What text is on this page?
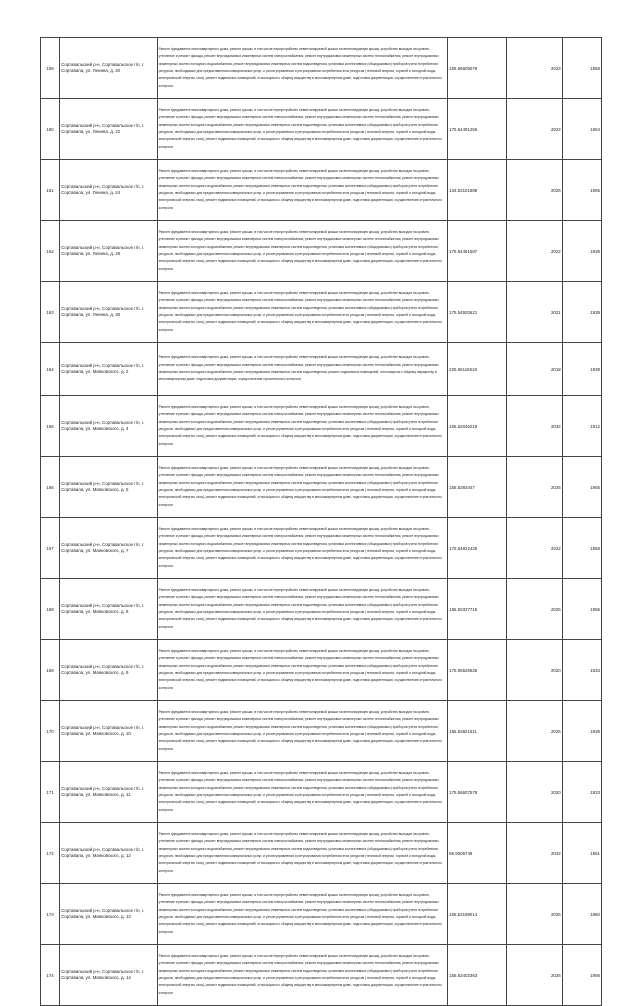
159	Сортавальский р-н, Сортавальское г/п, г. Сортавала, ул. Ленина, д. 20	Ремонт фундамента многоквартирного дома, ремонт крыши, в том числе переустройство невентилируемой крыши на вентилируемую крышу, устройство выходов на кровлю, утепление и ремонт фасада, ремонт внутридомовых инженерных систем электроснабжения, ремонт внутридомовых инженерных систем теплоснабжения, ремонт внутридомовых инженерных систем холодного водоснабжения, ремонт внутридомовых инженерных систем водоотведения, установка коллективных (общедомовых) приборов учета потребления ресурсов, необходимых для предоставления коммунальных услуг, и узлов управления и регулирования потребления этих ресурсов (тепловой энергии, горячей и холодной воды, электрической энергии, газа), ремонт подвальных помещений, относящихся к общему имуществу в многоквартирном доме, подготовка документации, осуществление строительного контроля	155.56609079	2023	1958
160	Сортавальский р-н, Сортавальское г/п, г. Сортавала, ул. Ленина, д. 22	Ремонт фундамента многоквартирного дома, ремонт крыши, в том числе переустройство невентилируемой крыши на вентилируемую крышу, устройство выходов на кровлю, утепление и ремонт фасада, ремонт внутридомовых инженерных систем электроснабжения, ремонт внутридомовых инженерных систем теплоснабжения, ремонт внутридомовых инженерных систем холодного водоснабжения, ремонт внутридомовых инженерных систем водоотведения, установка коллективных (общедомовых) приборов учета потребления ресурсов, необходимых для предоставления коммунальных услуг, и узлов управления и регулирования потребления этих ресурсов (тепловой энергии, горячей и холодной воды, электрической энергии, газа), ремонт подвальных помещений, относящихся к общему имуществу в многоквартирном доме, подготовка документации, осуществление строительного контроля	175.54491256	2022	1964
161	Сортавальский р-н, Сортавальское г/п, г. Сортавала, ул. Ленина, д. 24	Ремонт фундамента многоквартирного дома, ремонт крыши, в том числе переустройство невентилируемой крыши на вентилируемую крышу, устройство выходов на кровлю, утепление и ремонт фасада, ремонт внутридомовых инженерных систем электроснабжения, ремонт внутридомовых инженерных систем теплоснабжения, ремонт внутридомовых инженерных систем холодного водоснабжения, ремонт внутридомовых инженерных систем водоотведения, установка коллективных (общедомовых) приборов учета потребления ресурсов, необходимых для предоставления коммунальных услуг, и узлов управления и регулирования потребления этих ресурсов (тепловой энергии, горячей и холодной воды, электрической энергии, газа), ремонт подвальных помещений, относящихся к общему имуществу в многоквартирном доме, подготовка документации, осуществление строительного контроля	134.53101888	2026	1955
162	Сортавальский р-н, Сортавальское г/п, г. Сортавала, ул. Ленина, д. 28	Ремонт фундамента многоквартирного дома, ремонт крыши, в том числе переустройство невентилируемой крыши на вентилируемую крышу, устройство выходов на кровлю, утепление и ремонт фасада, ремонт внутридомовых инженерных систем электроснабжения, ремонт внутридомовых инженерных систем теплоснабжения, ремонт внутридомовых инженерных систем холодного водоснабжения, ремонт внутридомовых инженерных систем водоотведения, установка коллективных (общедомовых) приборов учета потребления ресурсов, необходимых для предоставления коммунальных услуг, и узлов управления и регулирования потребления этих ресурсов (тепловой энергии, горячей и холодной воды, электрической энергии, газа), ремонт подвальных помещений, относящихся к общему имуществу в многоквартирном доме, подготовка документации, осуществление строительного контроля	175.54451587	2022	1939
163	Сортавальский р-н, Сортавальское г/п, г. Сортавала, ул. Ленина, д. 30	Ремонт фундамента многоквартирного дома, ремонт крыши, в том числе переустройство невентилируемой крыши на вентилируемую крышу, устройство выходов на кровлю, утепление и ремонт фасада, ремонт внутридомовых инженерных систем электроснабжения, ремонт внутридомовых инженерных систем теплоснабжения, ремонт внутридомовых инженерных систем холодного водоснабжения, ремонт внутридомовых инженерных систем водоотведения, установка коллективных (общедомовых) приборов учета потребления ресурсов, необходимых для предоставления коммунальных услуг, и узлов управления и регулирования потребления этих ресурсов (тепловой энергии, горячей и холодной воды, электрической энергии, газа), ремонт подвальных помещений, относящихся к общему имуществу в многоквартирном доме, подготовка документации, осуществление строительного контроля	175.54920621	2021	1939
164	Сортавальский р-н, Сортавальское г/п, г. Сортавала, ул. Маяковского, д. 2	Ремонт фундамента многоквартирного дома, ремонт крыши, в том числе переустройство невентилируемой крыши на вентилируемую крышу, устройство выходов на кровлю, утепление и ремонт фасада, ремонт внутридомовых инженерных систем электроснабжения, ремонт внутридомовых инженерных систем теплоснабжения, ремонт внутридомовых инженерных систем холодного водоснабжения, ремонт внутридомовых инженерных систем водоотведения, ремонт подвальных помещений, относящихся к общему имуществу в многоквартирном доме, подготовка документации, осуществление строительного контроля	225.56116518	2018	1939
165	Сортавальский р-н, Сортавальское г/п, г. Сортавала, ул. Маяковского, д. 4	Ремонт фундамента многоквартирного дома, ремонт крыши, в том числе переустройство невентилируемой крыши на вентилируемую крышу, устройство выходов на кровлю, утепление и ремонт фасада, ремонт внутридомовых инженерных систем электроснабжения, ремонт внутридомовых инженерных систем теплоснабжения, ремонт внутридомовых инженерных систем холодного водоснабжения, ремонт внутридомовых инженерных систем водоотведения, установка коллективных (общедомовых) приборов учета потребления ресурсов, необходимых для предоставления коммунальных услуг, и узлов управления и регулирования потребления этих ресурсов (тепловой энергии, горячей и холодной воды, электрической энергии, газа), ремонт подвальных помещений, относящихся к общему имуществу в многоквартирном доме, подготовка документации, осуществление строительного контроля	155.52046219	2032	1912
166	Сортавальский р-н, Сортавальское г/п, г. Сортавала, ул. Маяковского, д. 5	Ремонт фундамента многоквартирного дома, ремонт крыши, в том числе переустройство невентилируемой крыши на вентилируемую крышу, устройство выходов на кровлю, утепление и ремонт фасада, ремонт внутридомовых инженерных систем электроснабжения, ремонт внутридомовых инженерных систем теплоснабжения, ремонт внутридомовых инженерных систем холодного водоснабжения, ремонт внутридомовых инженерных систем водоотведения, установка коллективных (общедомовых) приборов учета потребления ресурсов, необходимых для предоставления коммунальных услуг, и узлов управления и регулирования потребления этих ресурсов (тепловой энергии, горячей и холодной воды, электрической энергии, газа), ремонт подвальных помещений, относящихся к общему имуществу в многоквартирном доме, подготовка документации, осуществление строительного контроля	155.5393447	2025	1955
167	Сортавальский р-н, Сортавальское г/п, г. Сортавала, ул. Маяковского, д. 7	Ремонт фундамента многоквартирного дома, ремонт крыши, в том числе переустройство невентилируемой крыши на вентилируемую крышу, устройство выходов на кровлю, утепление и ремонт фасада, ремонт внутридомовых инженерных систем электроснабжения, ремонт внутридомовых инженерных систем теплоснабжения, ремонт внутридомовых инженерных систем холодного водоснабжения, ремонт внутридомовых инженерных систем водоотведения, установка коллективных (общедомовых) приборов учета потребления ресурсов, необходимых для предоставления коммунальных услуг, и узлов управления и регулирования потребления этих ресурсов (тепловой энергии, горячей и холодной воды, электрической энергии, газа), ремонт подвальных помещений, относящихся к общему имуществу в многоквартирном доме, подготовка документации, осуществление строительного контроля	175.54922425	2022	1958
168	Сортавальский р-н, Сортавальское г/п, г. Сортавала, ул. Маяковского, д. 8	Ремонт фундамента многоквартирного дома, ремонт крыши, в том числе переустройство невентилируемой крыши на вентилируемую крышу, устройство выходов на кровлю, утепление и ремонт фасада, ремонт внутридомовых инженерных систем электроснабжения, ремонт внутридомовых инженерных систем теплоснабжения, ремонт внутридомовых инженерных систем холодного водоснабжения, ремонт внутридомовых инженерных систем водоотведения, установка коллективных (общедомовых) приборов учета потребления ресурсов, необходимых для предоставления коммунальных услуг, и узлов управления и регулирования потребления этих ресурсов (тепловой энергии, горячей и холодной воды, электрической энергии, газа), ремонт подвальных помещений, относящихся к общему имуществу в многоквартирном доме, подготовка документации, осуществление строительного контроля	155.50327715	2026	1956
169	Сортавальский р-н, Сортавальское г/п, г. Сортавала, ул. Маяковского, д. 9	Ремонт фундамента многоквартирного дома, ремонт крыши, в том числе переустройство невентилируемой крыши на вентилируемую крышу, устройство выходов на кровлю, утепление и ремонт фасада, ремонт внутридомовых инженерных систем электроснабжения, ремонт внутридомовых инженерных систем теплоснабжения, ремонт внутридомовых инженерных систем холодного водоснабжения, ремонт внутридомовых инженерных систем водоотведения, установка коллективных (общедомовых) приборов учета потребления ресурсов, необходимых для предоставления коммунальных услуг, и узлов управления и регулирования потребления этих ресурсов (тепловой энергии, горячей и холодной воды, электрической энергии, газа), ремонт подвальных помещений, относящихся к общему имуществу в многоквартирном доме, подготовка документации, осуществление строительного контроля	175.55526636	2020	1933
170	Сортавальский р-н, Сортавальское г/п, г. Сортавала, ул. Маяковского, д. 10	Ремонт фундамента многоквартирного дома, ремонт крыши, в том числе переустройство невентилируемой крыши на вентилируемую крышу, устройство выходов на кровлю, утепление и ремонт фасада, ремонт внутридомовых инженерных систем электроснабжения, ремонт внутридомовых инженерных систем теплоснабжения, ремонт внутридомовых инженерных систем холодного водоснабжения, ремонт внутридомовых инженерных систем водоотведения, установка коллективных (общедомовых) приборов учета потребления ресурсов, необходимых для предоставления коммунальных услуг, и узлов управления и регулирования потребления этих ресурсов (тепловой энергии, горячей и холодной воды, электрической энергии, газа), ремонт подвальных помещений, относящихся к общему имуществу в многоквартирном доме, подготовка документации, осуществление строительного контроля	155.53921611	2026	1939
171	Сортавальский р-н, Сортавальское г/п, г. Сортавала, ул. Маяковского, д. 11	Ремонт фундамента многоквартирного дома, ремонт крыши, в том числе переустройство невентилируемой крыши на вентилируемую крышу, устройство выходов на кровлю, утепление и ремонт фасада, ремонт внутридомовых инженерных систем электроснабжения, ремонт внутридомовых инженерных систем теплоснабжения, ремонт внутридомовых инженерных систем холодного водоснабжения, ремонт внутридомовых инженерных систем водоотведения, установка коллективных (общедомовых) приборов учета потребления ресурсов, необходимых для предоставления коммунальных услуг, и узлов управления и регулирования потребления этих ресурсов (тепловой энергии, горячей и холодной воды, электрической энергии, газа), ремонт подвальных помещений, относящихся к общему имуществу в многоквартирном доме, подготовка документации, осуществление строительного контроля	175.55607578	2020	1933
172	Сортавальский р-н, Сортавальское г/п, г. Сортавала, ул. Маяковского, д. 12	Ремонт фундамента многоквартирного дома, ремонт крыши, в том числе переустройство невентилируемой крыши на вентилируемую крышу, устройство выходов на кровлю, утепление и ремонт фасада, ремонт внутридомовых инженерных систем электроснабжения, ремонт внутридомовых инженерных систем теплоснабжения, ремонт внутридомовых инженерных систем холодного водоснабжения, ремонт внутридомовых инженерных систем водоотведения, установка коллективных (общедомовых) приборов учета потребления ресурсов, необходимых для предоставления коммунальных услуг, и узлов управления и регулирования потребления этих ресурсов (тепловой энергии, горячей и холодной воды, электрической энергии, газа), ремонт подвальных помещений, относящихся к общему имуществу в многоквартирном доме, подготовка документации, осуществление строительного контроля	95.5006749	2042	1961
173	Сортавальский р-н, Сортавальское г/п, г. Сортавала, ул. Маяковского, д. 13	Ремонт фундамента многоквартирного дома, ремонт крыши, в том числе переустройство невентилируемой крыши на вентилируемую крышу, устройство выходов на кровлю, утепление и ремонт фасада, ремонт внутридомовых инженерных систем электроснабжения, ремонт внутридомовых инженерных систем теплоснабжения, ремонт внутридомовых инженерных систем холодного водоснабжения, ремонт внутридомовых инженерных систем водоотведения, установка коллективных (общедомовых) приборов учета потребления ресурсов, необходимых для предоставления коммунальных услуг, и узлов управления и регулирования потребления этих ресурсов (тепловой энергии, горячей и холодной воды, электрической энергии, газа), ремонт подвальных помещений, относящихся к общему имуществу в многоквартирном доме, подготовка документации, осуществление строительного контроля	155.53199014	2026	1960
174	Сортавальский р-н, Сортавальское г/п, г. Сортавала, ул. Маяковского, д. 14	Ремонт фундамента многоквартирного дома, ремонт крыши, в том числе переустройство невентилируемой крыши на вентилируемую крышу, устройство выходов на кровлю, утепление и ремонт фасада, ремонт внутридомовых инженерных систем электроснабжения, ремонт внутридомовых инженерных систем теплоснабжения, ремонт внутридомовых инженерных систем холодного водоснабжения, ремонт внутридомовых инженерных систем водоотведения, установка коллективных (общедомовых) приборов учета потребления ресурсов, необходимых для предоставления коммунальных услуг, и узлов управления и регулирования потребления этих ресурсов (тепловой энергии, горячей и холодной воды, электрической энергии, газа), ремонт подвальных помещений, относящихся к общему имуществу в многоквартирном доме, подготовка документации, осуществление строительного контроля	155.53402363	2026	1956
